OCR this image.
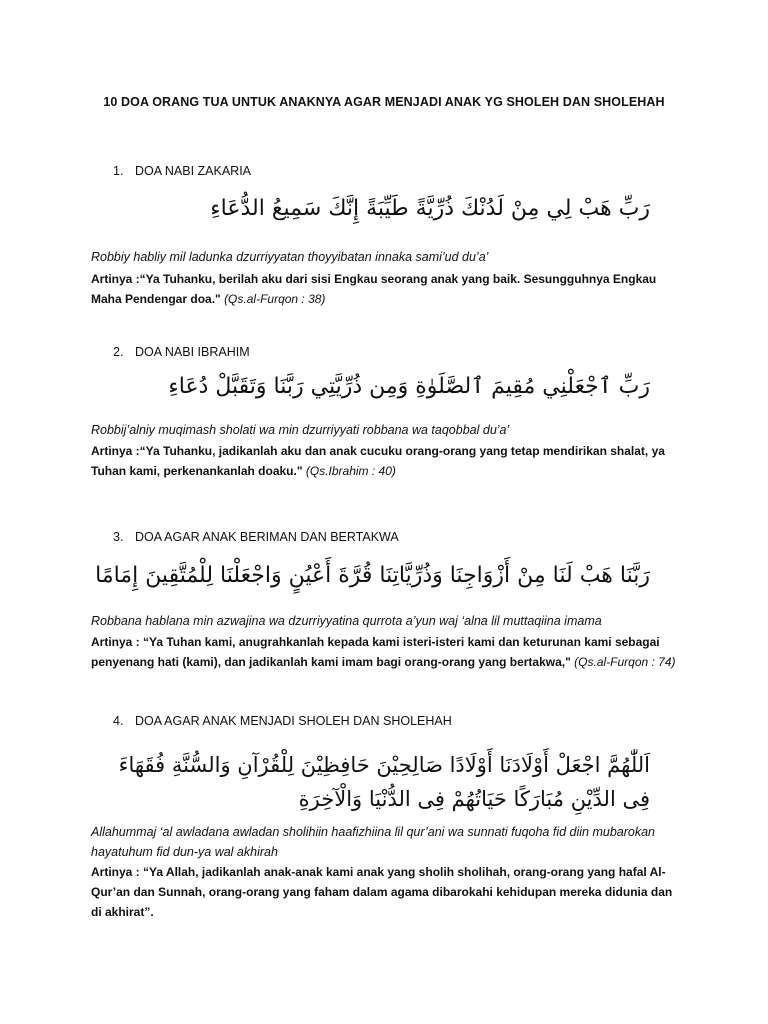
10 DOA ORANG TUA UNTUK ANAKNYA AGAR MENJADI ANAK YG SHOLEH DAN SHOLEHAH
1. DOA NABI ZAKARIA
رَبِّ هَبْ لِي مِنْ لَدُنْكَ ذُرِّيَّةً طَيِّبَةً إِنَّكَ سَمِيعُ الدُّعَاءِ
Robbiy habliy mil ladunka dzurriyyatan thoyyibatan innaka sami’ud du’a’
Artinya :“Ya Tuhanku, berilah aku dari sisi Engkau seorang anak yang baik. Sesungguhnya Engkau Maha Pendengar doa." (Qs.al-Furqon : 38)
2. DOA NABI IBRAHIM
رَبِّ ٱجْعَلْنِي مُقِيمَ ٱلصَّلَوٰةِ وَمِن ذُرِّيَّتِي رَبَّنَا وَتَقَبَّلْ دُعَاءِ
Robbij’alniy muqimash sholati wa min dzurriyyati robbana wa taqobbal du’a’
Artinya :“Ya Tuhanku, jadikanlah aku dan anak cucuku orang-orang yang tetap mendirikan shalat, ya Tuhan kami, perkenankanlah doaku." (Qs.Ibrahim : 40)
3. DOA AGAR ANAK BERIMAN DAN BERTAKWA
رَبَّنَا هَبْ لَنَا مِنْ أَزْوَاجِنَا وَذُرِّيَّاتِنَا قُرَّةَ أَعْيُنٍ وَاجْعَلْنَا لِلْمُتَّقِينَ إِمَامًا
Robbana hablana min azwajina wa dzurriyyatina qurrota a’yun waj ‘alna lil muttaqiina imama
Artinya : “Ya Tuhan kami, anugrahkanlah kepada kami isteri-isteri kami dan keturunan kami sebagai penyenang hati (kami), dan jadikanlah kami imam bagi orang-orang yang bertakwa," (Qs.al-Furqon : 74)
4. DOA AGAR ANAK MENJADI SHOLEH DAN SHOLEHAH
اَللّٰهُمَّ اجْعَلْ أَوْلَادَنَا أَوْلَادًا صَالِحِيْنَ حَافِظِيْنَ لِلْقُرْآنِ وَالسُّنَّةِ فُقَهَاءَ فِى الدِّيْنِ مُبَارَكًا حَيَاتُهُمْ فِى الدُّنْيَا وَالْآخِرَةِ
Allahummaj ‘al awladana awladan sholihiin haafizhiina lil qur’ani wa sunnati fuqoha fid diin mubarokan hayatuhum fid dun-ya wal akhirah
Artinya : “Ya Allah, jadikanlah anak-anak kami anak yang sholih sholihah, orang-orang yang hafal Al-Qur’an dan Sunnah, orang-orang yang faham dalam agama dibarokahi kehidupan mereka didunia dan di akhirat”.
